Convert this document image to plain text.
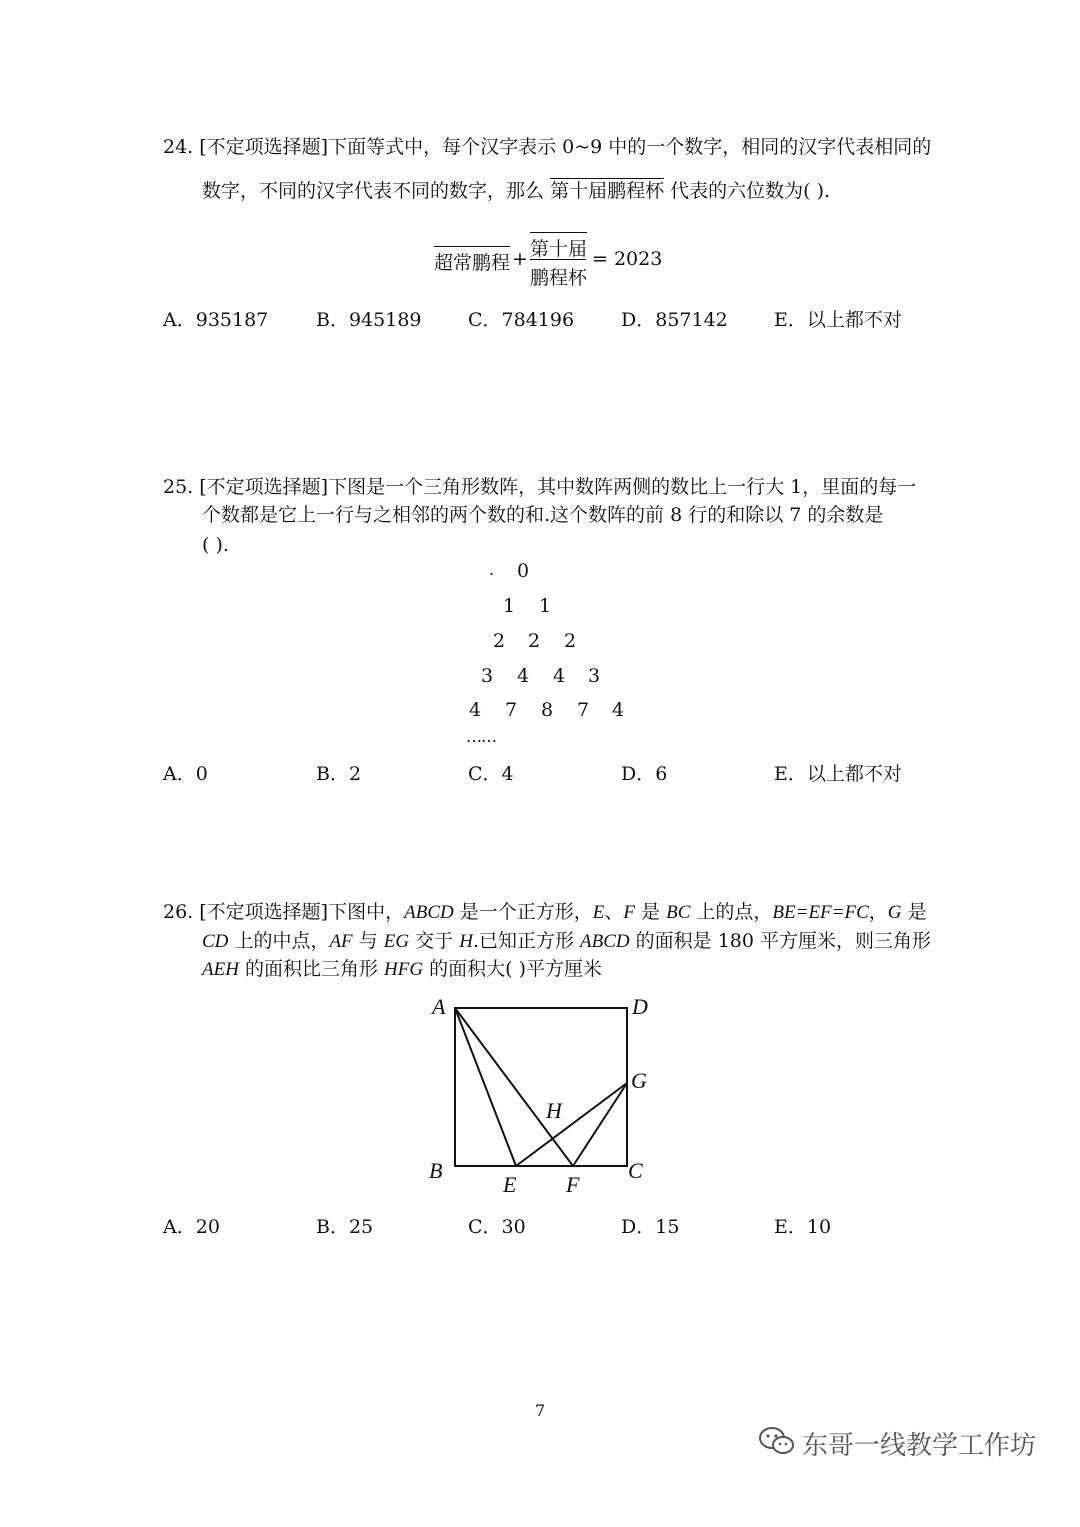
24. [不定项选择题]下面等式中，每个汉字表示 0~9 中的一个数字，相同的汉字代表相同的
数字，不同的汉字代表不同的数字，那么 第十届鹏程杯 代表的六位数为( ).
超常鹏程 + 第十届
鹏程杯
= 2023
A．935187	B．945189 C．784196 D．857142 E．以上都不对
25. [不定项选择题]下图是一个三角形数阵，其中数阵两侧的数比上一行大 1，里面的每一
个数都是它上一行与之相邻的两个数的和.这个数阵的前 8 行的和除以 7 的余数是
( ).
. 0
1 1
2 2 2
3 4 4 3
4 7 8 7 4
……
A．0	B．2	C．4	D．6	E．以上都不对
26. [不定项选择题]下图中，ABCD 是一个正方形，E、F 是 BC 上的点，BE=EF=FC，G 是
CD 上的中点，AF 与 EG 交于 H.已知正方形 ABCD 的面积是 180 平方厘米，则三角形
AEH 的面积比三角形 HFG 的面积大( )平方厘米
A	D
G
H
B	C
E F
A．20	B．25	C．30	D．15	E．10
7
东哥一线教学工作坊
